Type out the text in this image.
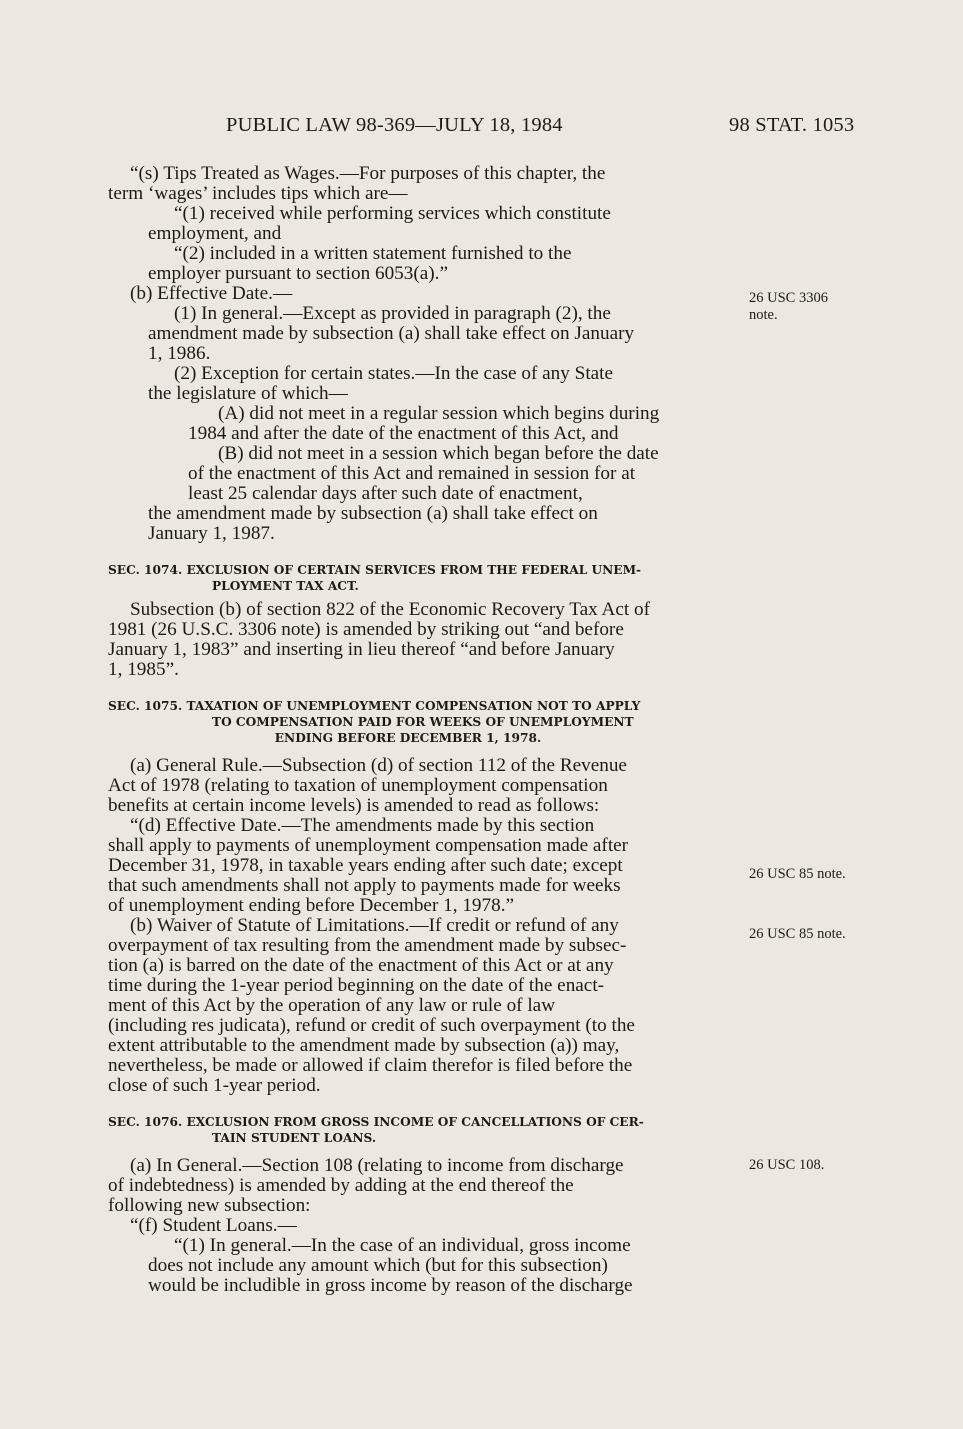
PUBLIC LAW 98-369—JULY 18, 1984	98 STAT. 1053

“(s) Tips Treated as Wages.—For purposes of this chapter, the

term ‘wages’ includes tips which are—

“(1) received while performing services which constitute

employment, and

“(2) included in a written statement furnished to the

employer pursuant to section 6053(a).”

(b) Effective Date.—

(1) In general.—Except as provided in paragraph (2), the

amendment made by subsection (a) shall take effect on January

1, 1986.

(2) Exception for certain states.—In the case of any State

the legislature of which—

(A) did not meet in a regular session which begins during

1984 and after the date of the enactment of this Act, and

(B) did not meet in a session which began before the date

of the enactment of this Act and remained in session for at

least 25 calendar days after such date of enactment,

the amendment made by subsection (a) shall take effect on

January 1, 1987.

SEC. 1074. EXCLUSION OF CERTAIN SERVICES FROM THE FEDERAL UNEM-

PLOYMENT TAX ACT.

Subsection (b) of section 822 of the Economic Recovery Tax Act of

1981 (26 U.S.C. 3306 note) is amended by striking out “and before

January 1, 1983” and inserting in lieu thereof “and before January

1, 1985”.

SEC. 1075. TAXATION OF UNEMPLOYMENT COMPENSATION NOT TO APPLY

TO COMPENSATION PAID FOR WEEKS OF UNEMPLOYMENT

ENDING BEFORE DECEMBER 1, 1978.

(a) General Rule.—Subsection (d) of section 112 of the Revenue

Act of 1978 (relating to taxation of unemployment compensation

benefits at certain income levels) is amended to read as follows:

“(d) Effective Date.—The amendments made by this section

shall apply to payments of unemployment compensation made after

December 31, 1978, in taxable years ending after such date; except

that such amendments shall not apply to payments made for weeks

of unemployment ending before December 1, 1978.”

(b) Waiver of Statute of Limitations.—If credit or refund of any

overpayment of tax resulting from the amendment made by subsec-

tion (a) is barred on the date of the enactment of this Act or at any

time during the 1-year period beginning on the date of the enact-

ment of this Act by the operation of any law or rule of law

(including res judicata), refund or credit of such overpayment (to the

extent attributable to the amendment made by subsection (a)) may,

nevertheless, be made or allowed if claim therefor is filed before the

close of such 1-year period.

SEC. 1076. EXCLUSION FROM GROSS INCOME OF CANCELLATIONS OF CER-

TAIN STUDENT LOANS.

(a) In General.—Section 108 (relating to income from discharge

of indebtedness) is amended by adding at the end thereof the

following new subsection:

“(f) Student Loans.—

“(1) In general.—In the case of an individual, gross income

does not include any amount which (but for this subsection)

would be includible in gross income by reason of the discharge

26 USC 3306
note.
26 USC 85 note.
26 USC 85 note.
26 USC 108.
